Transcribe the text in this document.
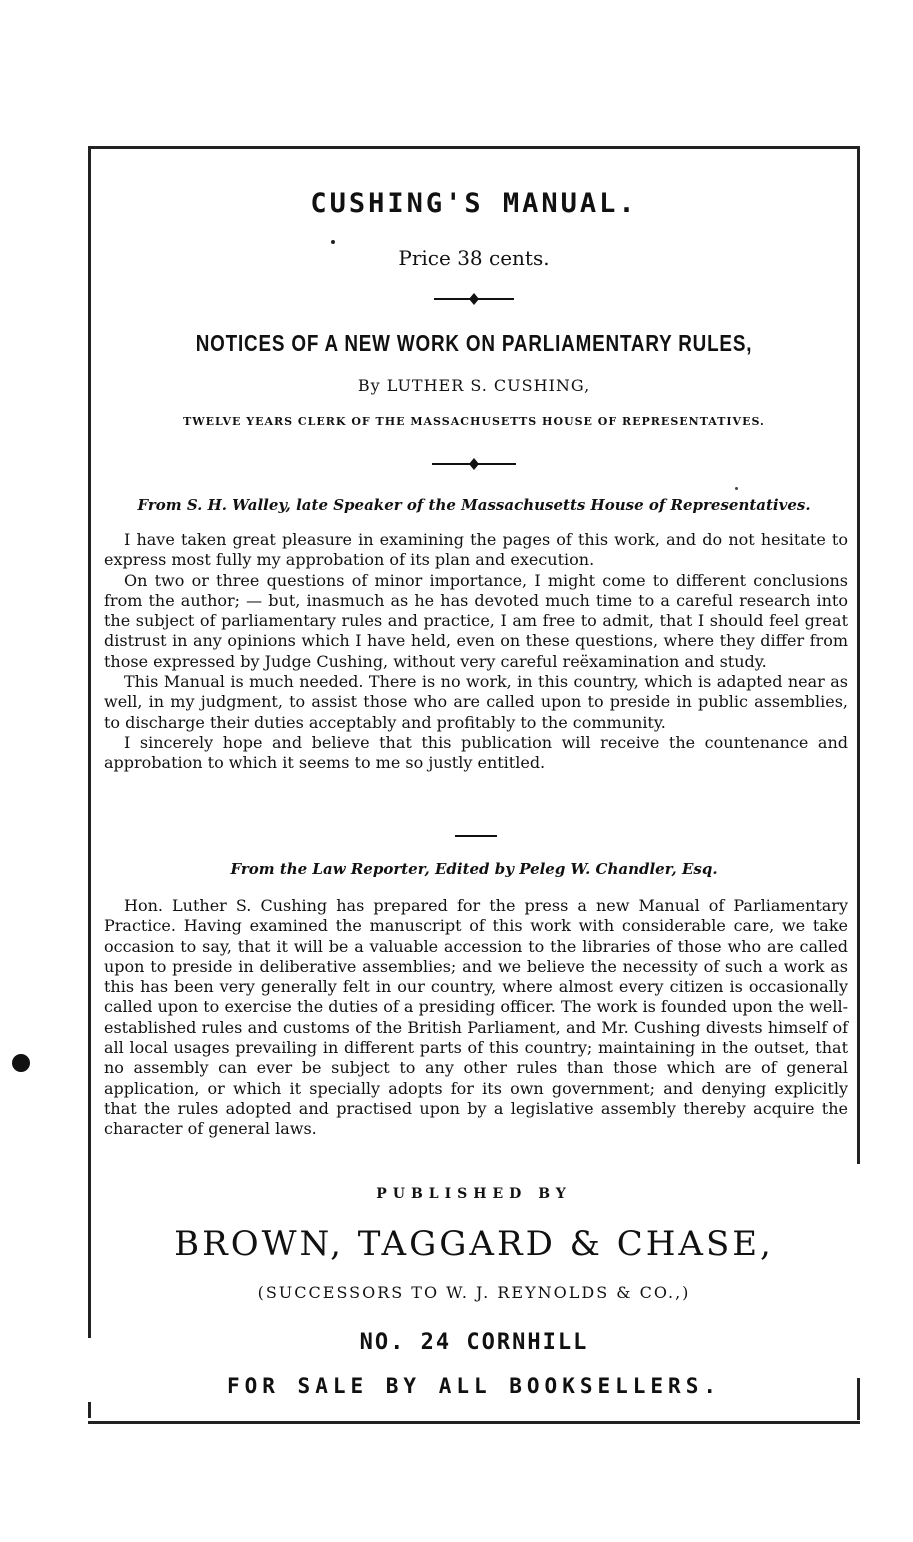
CUSHING'S MANUAL.
Price 38 cents.
NOTICES OF A NEW WORK ON PARLIAMENTARY RULES,
By LUTHER S. CUSHING,
TWELVE YEARS CLERK OF THE MASSACHUSETTS HOUSE OF REPRESENTATIVES.
From S. H. Walley, late Speaker of the Massachusetts House of Representatives.

I have taken great pleasure in examining the pages of this work, and do not hesitate to express most fully my approbation of its plan and execution.

On two or three questions of minor importance, I might come to different conclusions from the author; — but, inasmuch as he has devoted much time to a careful research into the subject of parliamentary rules and practice, I am free to admit, that I should feel great distrust in any opinions which I have held, even on these questions, where they differ from those expressed by Judge Cushing, without very careful reëxamination and study.

This Manual is much needed. There is no work, in this country, which is adapted near as well, in my judgment, to assist those who are called upon to preside in public assemblies, to discharge their duties acceptably and profitably to the community.

I sincerely hope and believe that this publication will receive the countenance and approbation to which it seems to me so justly entitled.

From the Law Reporter, Edited by Peleg W. Chandler, Esq.

Hon. Luther S. Cushing has prepared for the press a new Manual of Parliamentary Practice. Having examined the manuscript of this work with considerable care, we take occasion to say, that it will be a valuable accession to the libraries of those who are called upon to preside in deliberative assemblies; and we believe the necessity of such a work as this has been very generally felt in our country, where almost every citizen is occasionally called upon to exercise the duties of a presiding officer. The work is founded upon the well-established rules and customs of the British Parliament, and Mr. Cushing divests himself of all local usages prevailing in different parts of this country; maintaining in the outset, that no assembly can ever be subject to any other rules than those which are of general application, or which it specially adopts for its own government; and denying explicitly that the rules adopted and practised upon by a legislative assembly thereby acquire the character of general laws.

PUBLISHED BY
BROWN, TAGGARD & CHASE,
(SUCCESSORS TO W. J. REYNOLDS & CO.,)
NO. 24 CORNHILL
FOR SALE BY ALL BOOKSELLERS.
